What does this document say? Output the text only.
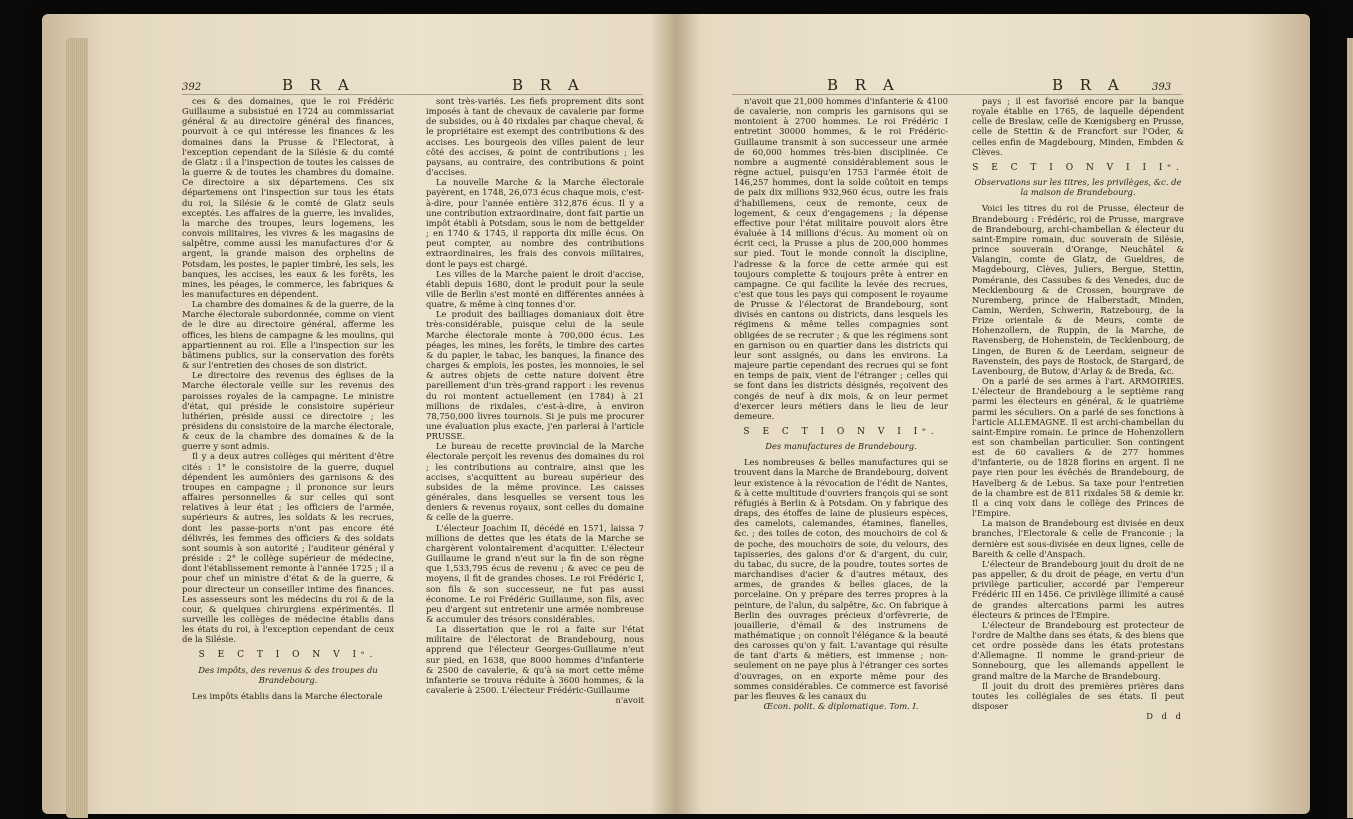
392	B R A	B R A

ces & des domaines, que le roi Frédéric Guillaume a subsistué en 1724 au commissariat général & au directoire général des finances, pourvoit à ce qui intéresse les finances & les domaines dans la Prusse & l'Electorat, à l'exception cependant de la Silésie & du comté de Glatz : il a l'inspection de toutes les caisses de la guerre & de toutes les chambres du domaine. Ce directoire a six départemens. Ces six départemens ont l'inspection sur tous les états du roi, la Silésie & le comté de Glatz seuls exceptés. Les affaires de la guerre, les invalides, la marche des troupes, leurs logemens, les convois militaires, les vivres & les magasins de salpêtre, comme aussi les manufactures d'or & argent, la grande maison des orphelins de Potsdam, les postes, le papier timbré, les sels, les banques, les accises, les eaux & les forêts, les mines, les péages, le commerce, les fabriques & les manufactures en dépendent.

La chambre des domaines & de la guerre, de la Marche électorale subordonnée, comme on vient de le dire au directoire général, afferme les offices, les biens de campagne & les moulins, qui appartiennent au roi. Elle a l'inspection sur les bâtimens publics, sur la conservation des forêts & sur l'entretien des choses de son district.

Le directoire des revenus des églises de la Marche électorale veille sur les revenus des paroisses royales de la campagne. Le ministre d'état, qui préside le consistoire supérieur luthérien, préside aussi ce directoire ; les présidens du consistoire de la marche électorale, & ceux de la chambre des domaines & de la guerre y sont admis.

Il y a deux autres collèges qui méritent d'être cités : 1° le consistoire de la guerre, duquel dépendent les aumôniers des garnisons & des troupes en campagne ; il prononce sur leurs affaires personnelles & sur celles qui sont relatives à leur état ; les officiers de l'armée, supérieurs & autres, les soldats & les recrues, dont les passe-ports n'ont pas encore été délivrés, les femmes des officiers & des soldats sont soumis à son autorité ; l'auditeur général y préside : 2° le collège supérieur de médecine, dont l'établissement remonte à l'année 1725 ; il a pour chef un ministre d'état & de la guerre, & pour directeur un conseiller intime des finances. Les assesseurs sont les médecins du roi & de la cour, & quelques chirurgiens expérimentés. Il surveille les collèges de médecine établis dans les états du roi, à l'exception cependant de ceux de la Silésie.

S E C T I O N V Iᵉ.
Des impôts, des revenus & des troupes du Brandebourg.

Les impôts établis dans la Marche électorale

sont très-variés. Les fiefs proprement dits sont imposés à tant de chevaux de cavalerie par forme de subsides, ou à 40 rixdales par chaque cheval, & le propriétaire est exempt des contributions & des accises. Les bourgeois des villes paient de leur côté des accises, & point de contributions ; les paysans, au contraire, des contributions & point d'accises.

La nouvelle Marche & la Marche électorale payèrent, en 1748, 26,073 écus chaque mois, c'est-à-dire, pour l'année entière 312,876 écus. Il y a une contribution extraordinaire, dont fait partie un impôt établi à Potsdam, sous le nom de bettgelder ; en 1740 & 1745, il rapporta dix mille écus. On peut compter, au nombre des contributions extraordinaires, les frais des convois militaires, dont le pays est chargé.

Les villes de la Marche paient le droit d'accise, établi depuis 1680, dont le produit pour la seule ville de Berlin s'est monté en différentes années à quatre, & même à cinq tonnes d'or.

Le produit des bailliages domaniaux doit être très-considérable, puisque celui de la seule Marche électorale monte à 700,000 écus. Les péages, les mines, les forêts, le timbre des cartes & du papier, le tabac, les banques, la finance des charges & emplois, les postes, les monnoies, le sel & autres objets de cette nature doivent être pareillement d'un très-grand rapport : les revenus du roi montent actuellement (en 1784) à 21 millions de rixdales, c'est-à-dire, à environ 78,750,000 livres tournois. Si je puis me procurer une évaluation plus exacte, j'en parlerai à l'article PRUSSE.

Le bureau de recette provincial de la Marche électorale perçoit les revenus des domaines du roi ; les contributions au contraire, ainsi que les accises, s'acquittent au bureau supérieur des subsides de la même province. Les caisses générales, dans lesquelles se versent tous les deniers & revenus royaux, sont celles du domaine & celle de la guerre.

L'électeur Joachim II, décédé en 1571, laissa 7 millions de dettes que les états de la Marche se chargèrent volontairement d'acquitter. L'électeur Guillaume le grand n'eut sur la fin de son règne que 1,533,795 écus de revenu ; & avec ce peu de moyens, il fit de grandes choses. Le roi Frédéric I, son fils & son successeur, ne fut pas aussi économe. Le roi Frédéric Guillaume, son fils, avec peu d'argent sut entretenir une armée nombreuse & accumuler des trésors considérables.

La dissertation que le roi a faite sur l'état militaire de l'électorat de Brandebourg, nous apprend que l'électeur Georges-Guillaume n'eut sur pied, en 1638, que 8000 hommes d'infanterie & 2500 de cavalerie, & qu'à sa mort cette même infanterie se trouva réduite à 3600 hommes, & la cavalerie à 2500. L'électeur Frédéric-Guillaume

n'avoit
B R A	B R A	393

n'avoit que 21,000 hommes d'infanterie & 4100 de cavalerie, non compris les garnisons qui se montoient à 2700 hommes. Le roi Frédéric I entretint 30000 hommes, & le roi Frédéric-Guillaume transmit à son successeur une armée de 60,000 hommes très-bien disciplinée. Ce nombre a augmenté considérablement sous le règne actuel, puisqu'en 1753 l'armée étoit de 146,257 hommes, dont la solde coûtoit en temps de paix dix millions 932,960 écus, outre les frais d'habillemens, ceux de remonte, ceux de logement, & ceux d'engagemens ; la dépense effective pour l'état militaire pouvoit alors être évaluée à 14 millions d'écus. Au moment où on écrit ceci, la Prusse a plus de 200,000 hommes sur pied. Tout le monde connoît la discipline, l'adresse & la force de cette armée qui est toujours complette & toujours prête à entrer en campagne. Ce qui facilite la levée des recrues, c'est que tous les pays qui composent le royaume de Prusse & l'électorat de Brandebourg, sont divisés en cantons ou districts, dans lesquels les régimens & même telles compagnies sont obligées de se recruter ; & que les régimens sont en garnison ou en quartier dans les districts qui leur sont assignés, ou dans les environs. La majeure partie cependant des recrues qui se font en temps de paix, vient de l'étranger ; celles qui se font dans les districts désignés, reçoivent des congés de neuf à dix mois, & on leur permet d'exercer leurs métiers dans le lieu de leur demeure.

S E C T I O N V I Iᵉ.
Des manufactures de Brandebourg.

Les nombreuses & belles manufactures qui se trouvent dans la Marche de Brandebourg, doivent leur existence à la révocation de l'édit de Nantes, & à cette multitude d'ouvriers françois qui se sont réfugiés à Berlin & à Potsdam. On y fabrique des draps, des étoffes de laine de plusieurs espèces, des camelots, calemandes, étamines, flanelles, &c. ; des toiles de coton, des mouchoirs de col & de poche, des mouchoirs de soie, du velours, des tapisseries, des galons d'or & d'argent, du cuir, du tabac, du sucre, de la poudre, toutes sortes de marchandises d'acier & d'autres métaux, des armes, de grandes & belles glaces, de la porcelaine. On y prépare des terres propres à la peinture, de l'alun, du salpêtre, &c. On fabrique à Berlin des ouvrages précieux d'orfèvrerie, de jouaillerie, d'émail & des instrumens de mathématique ; on connoît l'élégance & la beauté des carosses qu'on y fait. L'avantage qui résulte de tant d'arts & métiers, est immense ; non-seulement on ne paye plus à l'étranger ces sortes d'ouvrages, on en exporte même pour des sommes considérables. Ce commerce est favorisé par les fleuves & les canaux du

Œcon. polit. & diplomatique. Tom. I.

pays ; il est favorisé encore par la banque royale établie en 1765, de laquelle dépendent celle de Breslaw, celle de Kœnigsberg en Prusse, celle de Stettin & de Francfort sur l'Oder, & celles enfin de Magdebourg, Minden, Embden & Clèves.

S E C T I O N V I I Iᵉ.
Observations sur les titres, les privilèges, &c. de la maison de Brandebourg.

Voici les titres du roi de Prusse, électeur de Brandebourg : Frédéric, roi de Prusse, margrave de Brandebourg, archi-chambellan & électeur du saint-Empire romain, duc souverain de Silésie, prince souverain d'Orange, Neuchâtel & Valangin, comte de Glatz, de Gueldres, de Magdebourg, Clèves, Juliers, Bergue, Stettin, Poméranie, des Cassubes & des Venedes, duc de Mecklenbourg & de Crossen, bourgrave de Nuremberg, prince de Halberstadt, Minden, Camin, Werden, Schwerin, Ratzebourg, de la Frize orientale & de Meurs, comte de Hohenzollern, de Ruppin, de la Marche, de Ravensberg, de Hohenstein, de Tecklenbourg, de Lingen, de Buren & de Leerdam, seigneur de Ravenstein, des pays de Rostock, de Stargard, de Lavenbourg, de Butow, d'Arlay & de Breda, &c.

On a parlé de ses armes à l'art. ARMOIRIES. L'électeur de Brandebourg a le septième rang parmi les électeurs en général, & le quatrième parmi les séculiers. On a parlé de ses fonctions à l'article ALLEMAGNE. Il est archi-chambellan du saint-Empire romain. Le prince de Hohenzollern est son chambellan particulier. Son contingent est de 60 cavaliers & de 277 hommes d'infanterie, ou de 1828 florins en argent. Il ne paye rien pour les évêchés de Brandebourg, de Havelberg & de Lebus. Sa taxe pour l'entretien de la chambre est de 811 rixdales 58 & demie kr. Il a cinq voix dans le collège des Princes de l'Empire.

La maison de Brandebourg est divisée en deux branches, l'Electorale & celle de Franconie ; la dernière est sous-divisée en deux lignes, celle de Bareith & celle d'Anspach.

L'électeur de Brandebourg jouit du droit de ne pas appeller, & du droit de péage, en vertu d'un privilège particulier, accordé par l'empereur Frédéric III en 1456. Ce privilège illimité a causé de grandes altercations parmi les autres électeurs & princes de l'Empire.

L'électeur de Brandebourg est protecteur de l'ordre de Malthe dans ses états, & des biens que cet ordre possède dans les états protestans d'Allemagne. Il nomme le grand-prieur de Sonnebourg, que les allemands appellent le grand maître de la Marche de Brandebourg.

Il jouit du droit des premières prières dans toutes les collégiales de ses états. Il peut disposer

D d d
